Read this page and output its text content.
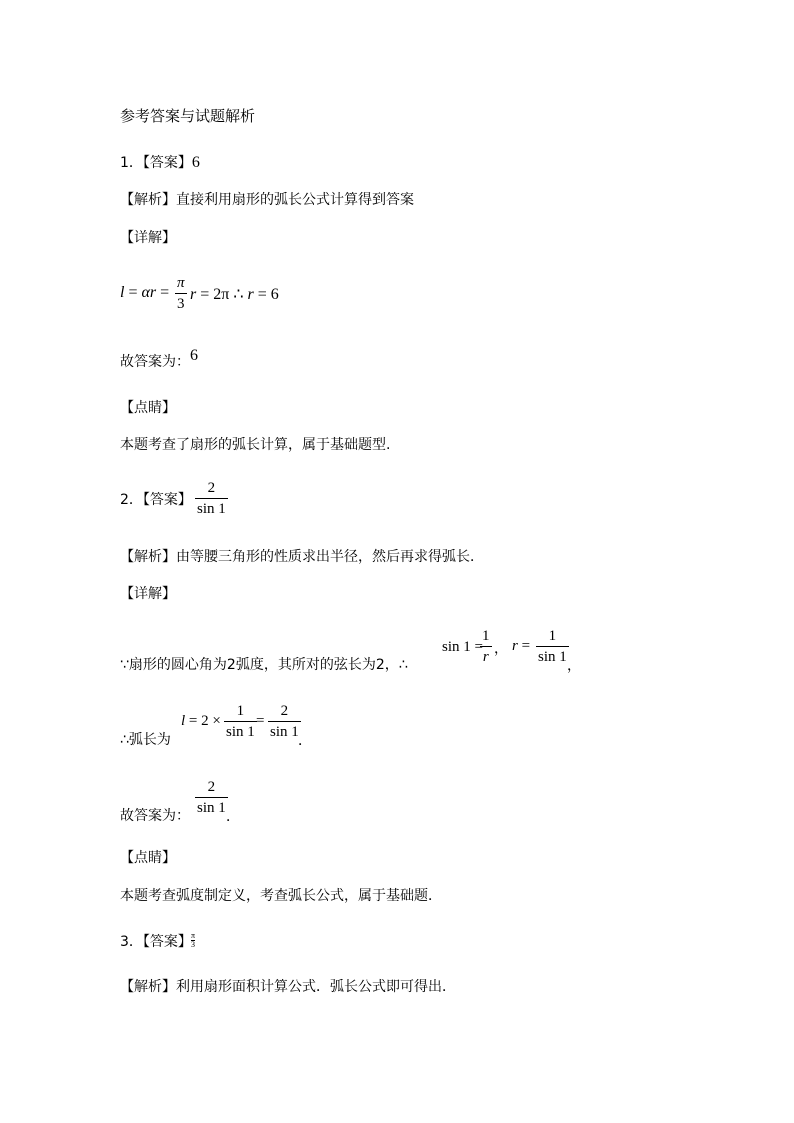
参考答案与试题解析
1．【答案】6
【解析】直接利用扇形的弧长公式计算得到答案
【详解】
l = αr =
π
3
r = 2π ∴ r = 6
故答案为：6
【点睛】
本题考查了扇形的弧长计算，属于基础题型.
2．【答案】
2
sin 1
【解析】由等腰三角形的性质求出半径，然后再求得弧长．
【详解】
∵扇形的圆心角为2弧度，其所对的弦长为2，∴
sin 1 =
1
r ， r =
1
sin 1
，
∴弧长为
l = 2 ×
1
sin 1
=
2
sin 1
．
故答案为：
2
sin 1
．
【点睛】
本题考查弧度制定义，考查弧长公式，属于基础题．
3．【答案】 π
3
【解析】利用扇形面积计算公式．弧长公式即可得出．
